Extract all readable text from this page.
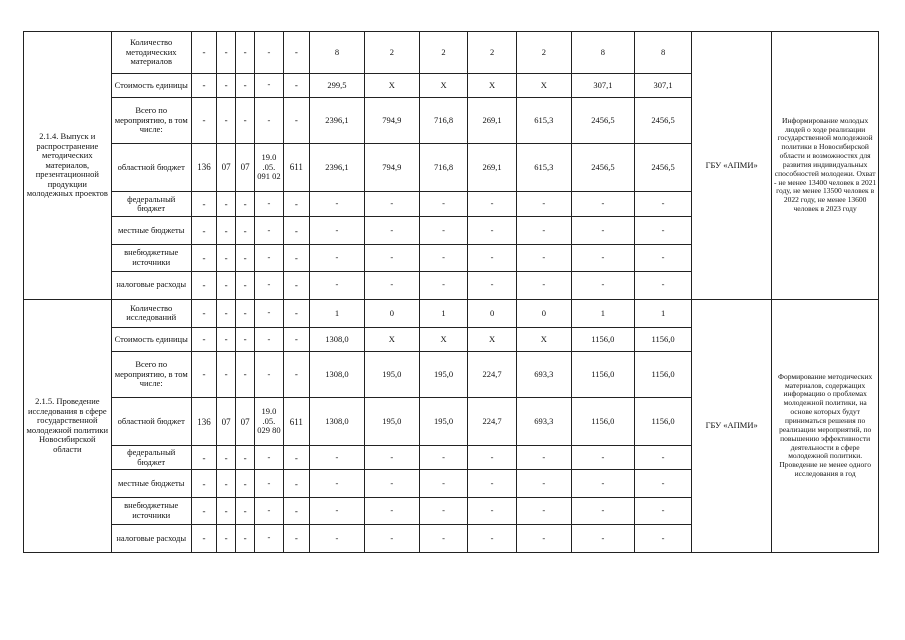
2.1.4. Выпуск и распространение методических материалов, презентационной продукции молодежных проектов	Количество методических материалов	-	-	-	-	-	8	2	2	2	2	8	8	ГБУ «АПМИ»	Информирование молодых людей о ходе реализации государственной молодежной политики в Новосибирской области и возможностях для развития индивидуальных способностей молодежи. Охват - не менее 13400 человек в 2021 году, не менее 13500 человек в 2022 году, не менее 13600 человек в 2023 году
	Стоимость единицы	-	-	-	-	-	299,5	X	X	X	X	307,1	307,1		
	Всего по мероприятию, в том числе:	-	-	-	-	-	2396,1	794,9	716,8	269,1	615,3	2456,5	2456,5		
	областной бюджет	136	07	07	19.0 .05. 091 02	611	2396,1	794,9	716,8	269,1	615,3	2456,5	2456,5		
	федеральный бюджет	-	-	-	-	-	-	-	-	-	-	-	-		
	местные бюджеты	-	-	-	-	-	-	-	-	-	-	-	-		
	внебюджетные источники	-	-	-	-	-	-	-	-	-	-	-	-		
	налоговые расходы	-	-	-	-	-	-	-	-	-	-	-	-		
2.1.5. Проведение исследования в сфере государственной молодежной политики Новосибирской области	Количество исследований	-	-	-	-	-	1	0	1	0	0	1	1	ГБУ «АПМИ»	Формирование методических материалов, содержащих информацию о проблемах молодежной политики, на основе которых будут приниматься решения по реализации мероприятий, по повышению эффективности деятельности в сфере молодежной политики. Проведение не менее одного исследования в год
	Стоимость единицы	-	-	-	-	-	1308,0	X	X	X	X	1156,0	1156,0		
	Всего по мероприятию, в том числе:	-	-	-	-	-	1308,0	195,0	195,0	224,7	693,3	1156,0	1156,0		
	областной бюджет	136	07	07	19.0 .05. 029 80	611	1308,0	195,0	195,0	224,7	693,3	1156,0	1156,0		
	федеральный бюджет	-	-	-	-	-	-	-	-	-	-	-	-		
	местные бюджеты	-	-	-	-	-	-	-	-	-	-	-	-		
	внебюджетные источники	-	-	-	-	-	-	-	-	-	-	-	-		
	налоговые расходы	-	-	-	-	-	-	-	-	-	-	-	-		
